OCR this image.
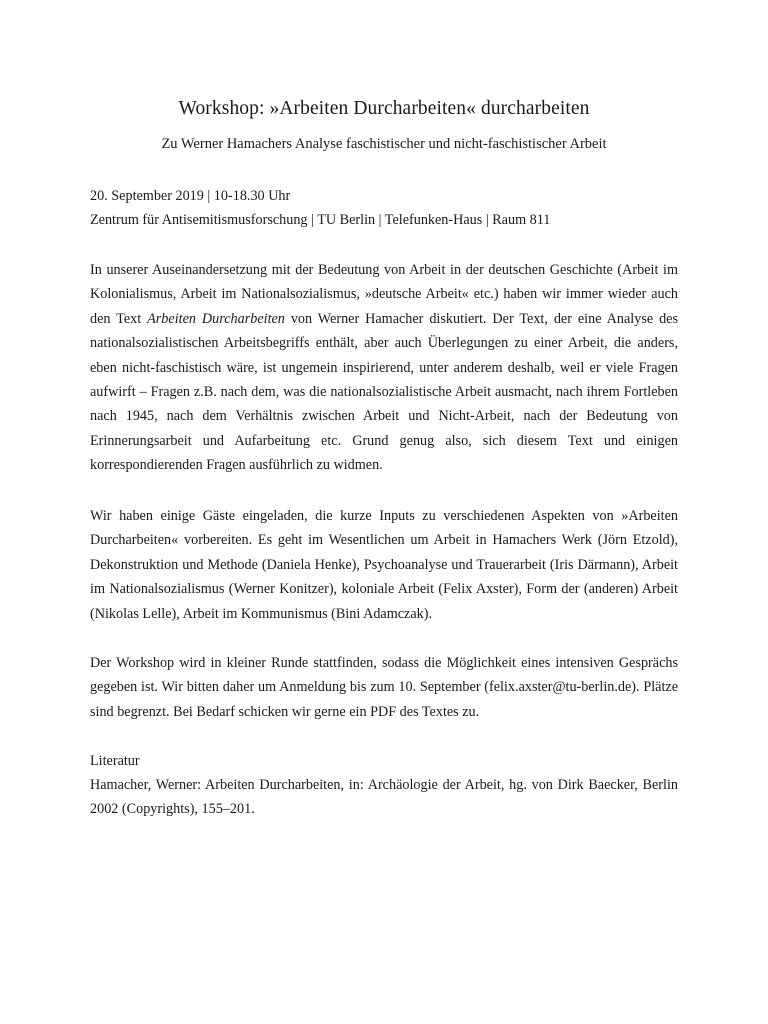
Workshop: »Arbeiten Durcharbeiten« durcharbeiten
Zu Werner Hamachers Analyse faschistischer und nicht-faschistischer Arbeit
20. September 2019 | 10-18.30 Uhr
Zentrum für Antisemitismusforschung | TU Berlin | Telefunken-Haus | Raum 811
In unserer Auseinandersetzung mit der Bedeutung von Arbeit in der deutschen Geschichte (Arbeit im Kolonialismus, Arbeit im Nationalsozialismus, »deutsche Arbeit« etc.) haben wir immer wieder auch den Text Arbeiten Durcharbeiten von Werner Hamacher diskutiert. Der Text, der eine Analyse des nationalsozialistischen Arbeitsbegriffs enthält, aber auch Überlegungen zu einer Arbeit, die anders, eben nicht-faschistisch wäre, ist ungemein inspirierend, unter anderem deshalb, weil er viele Fragen aufwirft – Fragen z.B. nach dem, was die nationalsozialistische Arbeit ausmacht, nach ihrem Fortleben nach 1945, nach dem Verhältnis zwischen Arbeit und Nicht-Arbeit, nach der Bedeutung von Erinnerungsarbeit und Aufarbeitung etc. Grund genug also, sich diesem Text und einigen korrespondierenden Fragen ausführlich zu widmen.
Wir haben einige Gäste eingeladen, die kurze Inputs zu verschiedenen Aspekten von »Arbeiten Durcharbeiten« vorbereiten. Es geht im Wesentlichen um Arbeit in Hamachers Werk (Jörn Etzold), Dekonstruktion und Methode (Daniela Henke), Psychoanalyse und Trauerarbeit (Iris Därmann), Arbeit im Nationalsozialismus (Werner Konitzer), koloniale Arbeit (Felix Axster), Form der (anderen) Arbeit (Nikolas Lelle), Arbeit im Kommunismus (Bini Adamczak).
Der Workshop wird in kleiner Runde stattfinden, sodass die Möglichkeit eines intensiven Gesprächs gegeben ist. Wir bitten daher um Anmeldung bis zum 10. September (felix.axster@tu-berlin.de). Plätze sind begrenzt. Bei Bedarf schicken wir gerne ein PDF des Textes zu.
Literatur
Hamacher, Werner: Arbeiten Durcharbeiten, in: Archäologie der Arbeit, hg. von Dirk Baecker, Berlin 2002 (Copyrights), 155–201.
